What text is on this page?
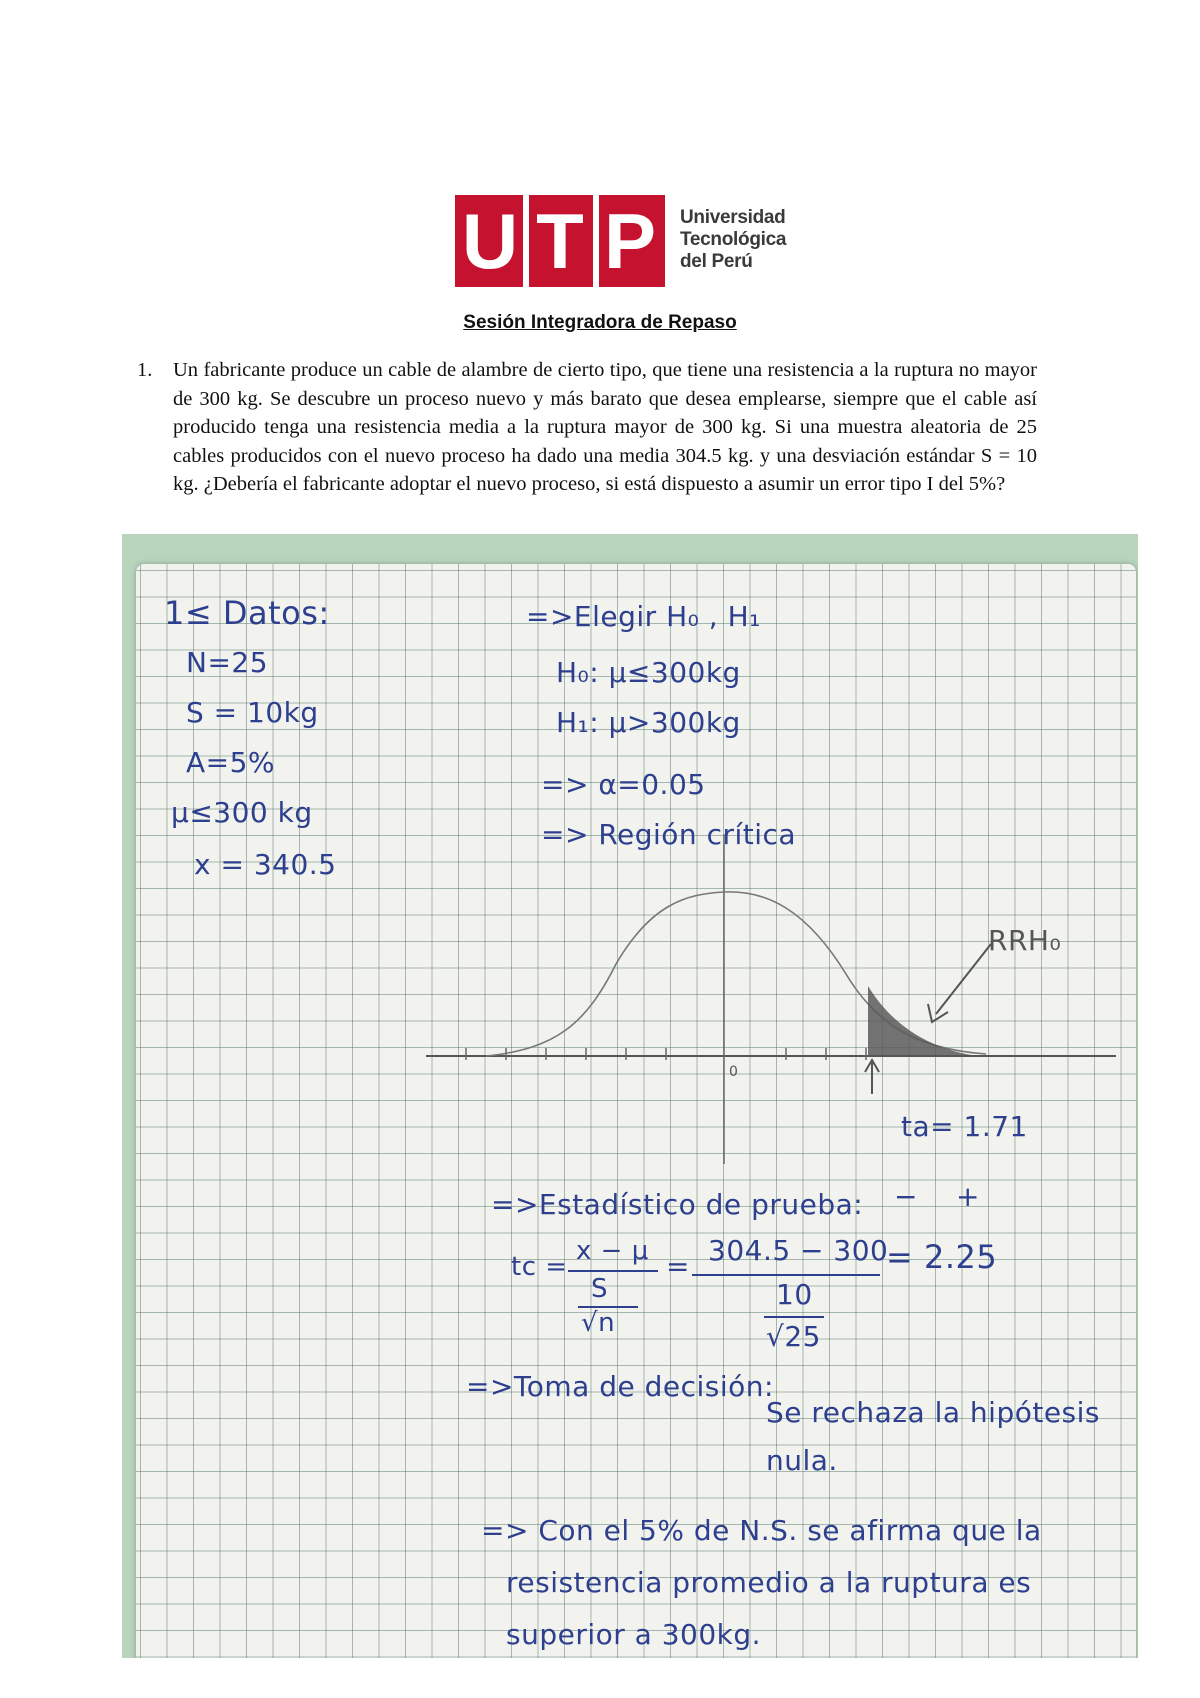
U T P Universidad
Tecnológica
del Perú
Sesión Integradora de Repaso
1. Un fabricante produce un cable de alambre de cierto tipo, que tiene una resistencia a la ruptura no mayor de 300 kg. Se descubre un proceso nuevo y más barato que desea emplearse, siempre que el cable así producido tenga una resistencia media a la ruptura mayor de 300 kg. Si una muestra aleatoria de 25 cables producidos con el nuevo proceso ha dado una media 304.5 kg. y una desviación estándar S = 10 kg. ¿Debería el fabricante adoptar el nuevo proceso, si está dispuesto a asumir un error tipo I del 5%?
1≤ Datos:
N=25
S = 10kg
A=5%
μ≤300 kg
x = 340.5
=>Elegir H₀ , H₁
H₀: μ≤300kg
H₁: μ>300kg
=> α=0.05
=> Región crítica
0
RRH₀
ta= 1.71
=>Estadístico de prueba: − +
tc =
x − μ
S
√n
= 304.5 − 300
10
√25
= 2.25
=>Toma de decisión:
Se rechaza la hipótesis
nula.
=> Con el 5% de N.S. se afirma que la
resistencia promedio a la ruptura es
superior a 300kg.
